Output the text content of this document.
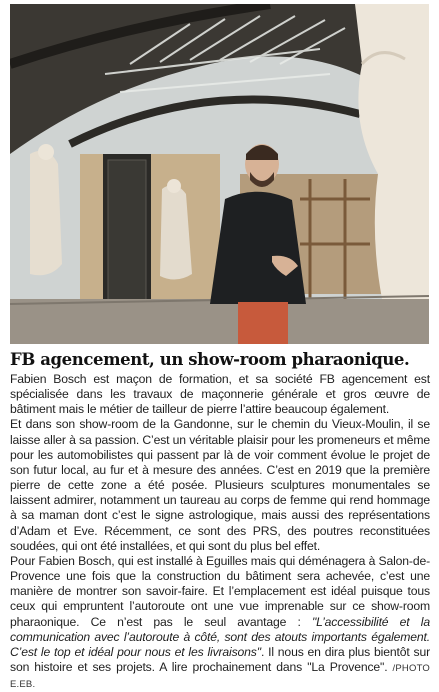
FB agencement, un show-room pharaonique.

Fabien Bosch est maçon de formation, et sa société FB agencement est spécialisée dans les travaux de maçonnerie générale et gros œuvre de bâtiment mais le métier de tailleur de pierre l’attire beaucoup également.

Et dans son show-room de la Gandonne, sur le chemin du Vieux-Moulin, il se laisse aller à sa passion. C’est un véritable plaisir pour les promeneurs et même pour les automobilistes qui passent par là de voir comment évolue le projet de son futur local, au fur et à mesure des années. C’est en 2019 que la première pierre de cette zone a été posée. Plusieurs sculptures monumentales se laissent admirer, notamment un taureau au corps de femme qui rend hommage à sa maman dont c’est le signe astrologique, mais aussi des représentations d’Adam et Eve. Récemment, ce sont des PRS, des poutres reconstituées soudées, qui ont été installées, et qui sont du plus bel effet.

Pour Fabien Bosch, qui est installé à Eguilles mais qui déménagera à Salon-de-Provence une fois que la construction du bâtiment sera achevée, c’est une manière de montrer son savoir-faire. Et l’emplacement est idéal puisque tous ceux qui empruntent l’autoroute ont une vue imprenable sur ce show-room pharaonique. Ce n’est pas le seul avantage : "L’accessibilité et la communication avec l’autoroute à côté, sont des atouts importants également. C’est le top et idéal pour nous et les livraisons". Il nous en dira plus bientôt sur son histoire et ses projets. A lire prochainement dans "La Provence". /PHOTO E.EB.
